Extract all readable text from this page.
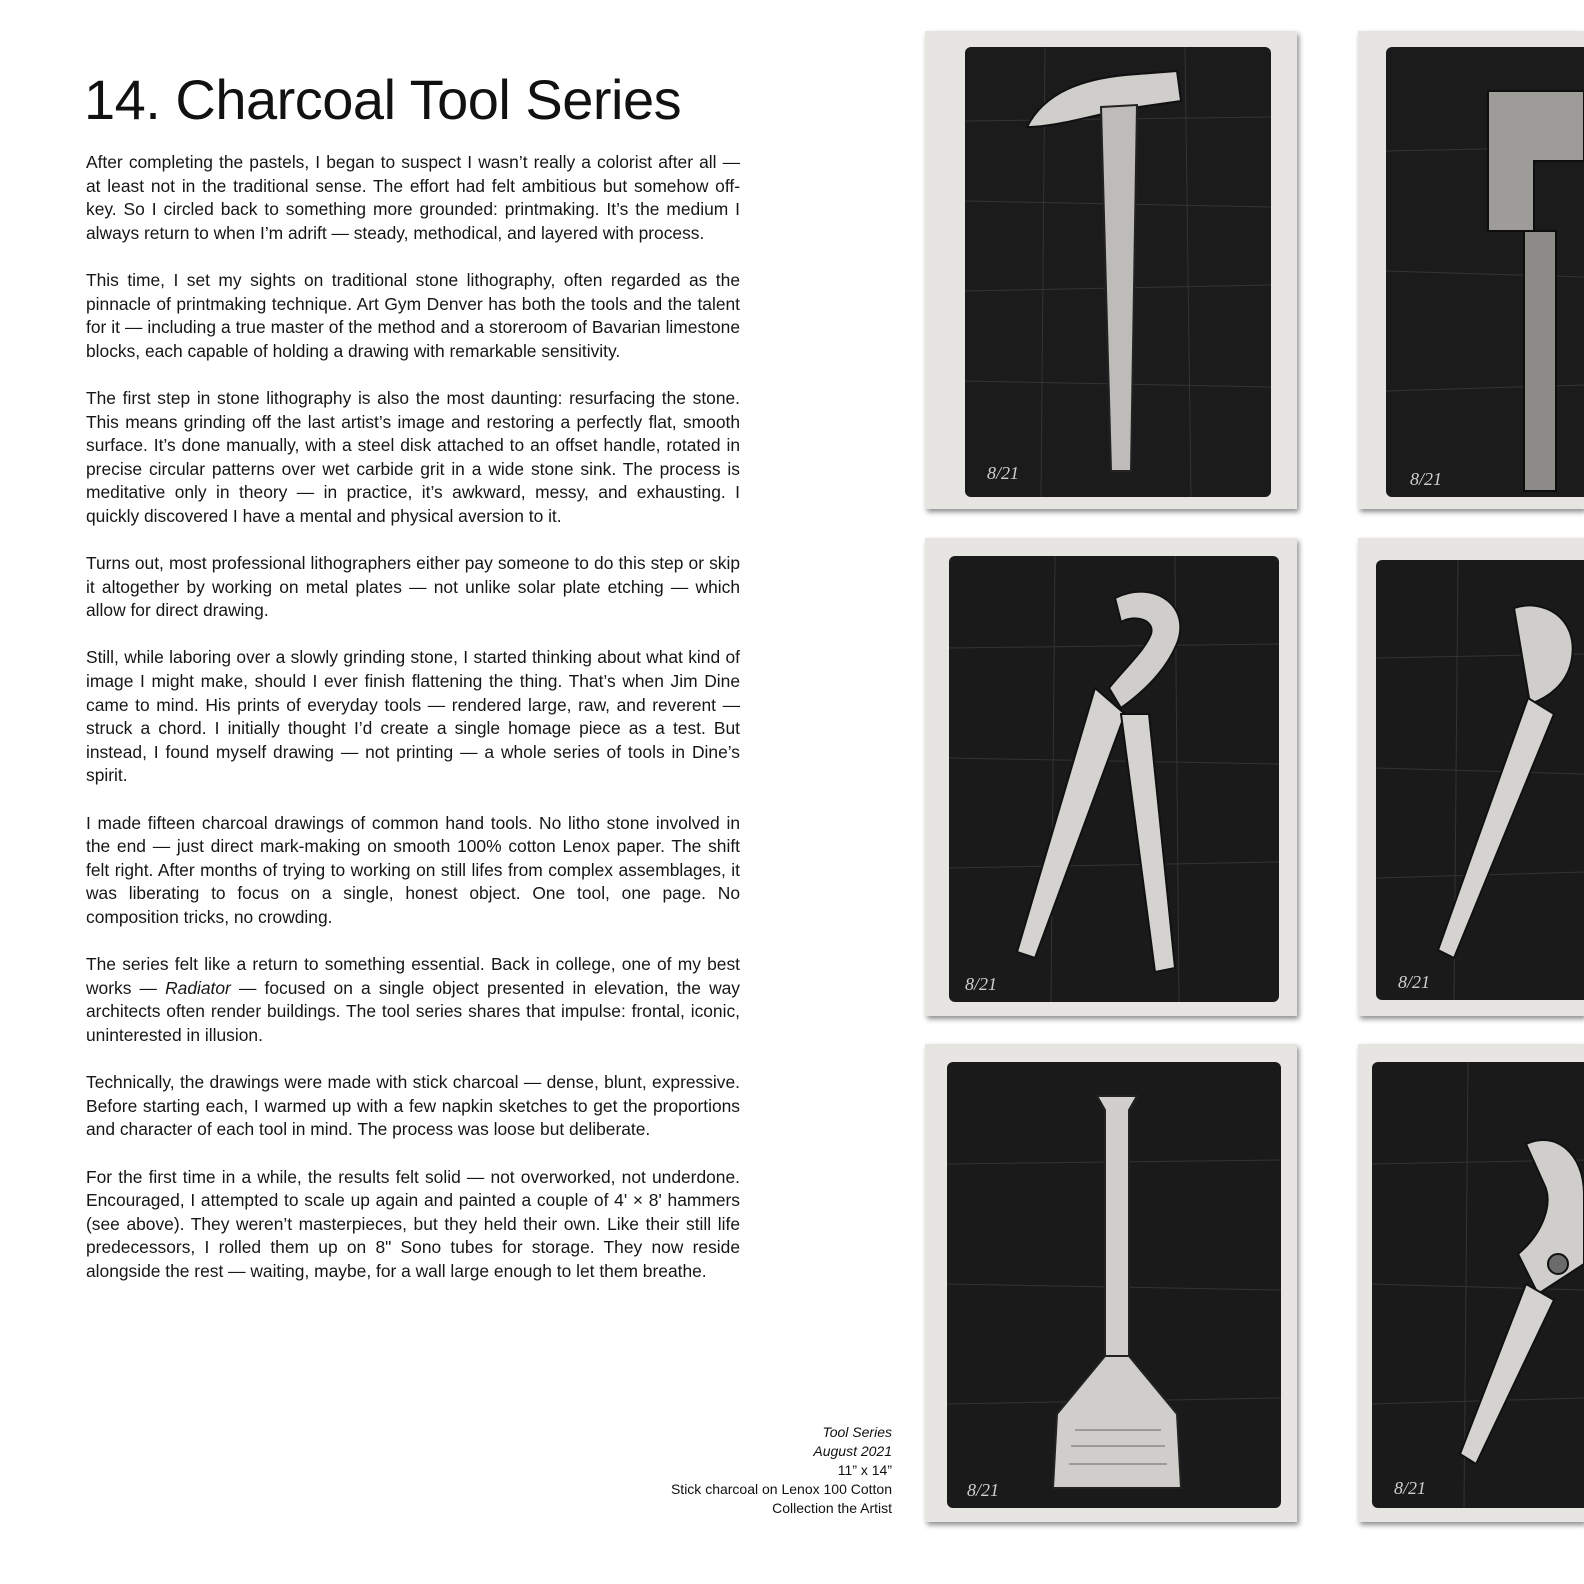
14. Charcoal Tool Series

After completing the pastels, I began to suspect I wasn’t really a colorist after all — at least not in the traditional sense. The effort had felt ambitious but somehow off-key. So I circled back to something more grounded: printmaking. It’s the medium I always return to when I’m adrift — steady, methodical, and layered with process.

This time, I set my sights on traditional stone lithography, often regarded as the pinnacle of printmaking technique. Art Gym Denver has both the tools and the talent for it — including a true master of the method and a storeroom of Bavarian limestone blocks, each capable of holding a drawing with remarkable sensitivity.

The first step in stone lithography is also the most daunting: resurfacing the stone. This means grinding off the last artist’s image and restoring a perfectly flat, smooth surface. It’s done manually, with a steel disk attached to an offset handle, rotated in precise circular patterns over wet carbide grit in a wide stone sink. The process is meditative only in theory — in practice, it’s awkward, messy, and exhausting. I quickly discovered I have a mental and physical aversion to it.

Turns out, most professional lithographers either pay someone to do this step or skip it altogether by working on metal plates — not unlike solar plate etching — which allow for direct drawing.

Still, while laboring over a slowly grinding stone, I started thinking about what kind of image I might make, should I ever finish flattening the thing. That’s when Jim Dine came to mind. His prints of everyday tools — rendered large, raw, and reverent — struck a chord. I initially thought I’d create a single homage piece as a test. But instead, I found myself drawing — not printing — a whole series of tools in Dine’s spirit.

I made fifteen charcoal drawings of common hand tools. No litho stone involved in the end — just direct mark-making on smooth 100% cotton Lenox paper. The shift felt right. After months of trying to working on still lifes from complex assemblages, it was liberating to focus on a single, honest object. One tool, one page. No composition tricks, no crowding.

The series felt like a return to something essential. Back in college, one of my best works — Radiator — focused on a single object presented in elevation, the way architects often render buildings. The tool series shares that impulse: frontal, iconic, uninterested in illusion.

Technically, the drawings were made with stick charcoal — dense, blunt, expressive. Before starting each, I warmed up with a few napkin sketches to get the proportions and character of each tool in mind. The process was loose but deliberate.

For the first time in a while, the results felt solid — not overworked, not underdone. Encouraged, I attempted to scale up again and painted a couple of 4' × 8' hammers (see above). They weren’t masterpieces, but they held their own. Like their still life predecessors, I rolled them up on 8" Sono tubes for storage. They now reside alongside the rest — waiting, maybe, for a wall large enough to let them breathe.

Tool Series
August 2021
11” x 14”
Stick charcoal on Lenox 100 Cotton
Collection the Artist
8/21	8/21
8/21	8/21
8/21	8/21
